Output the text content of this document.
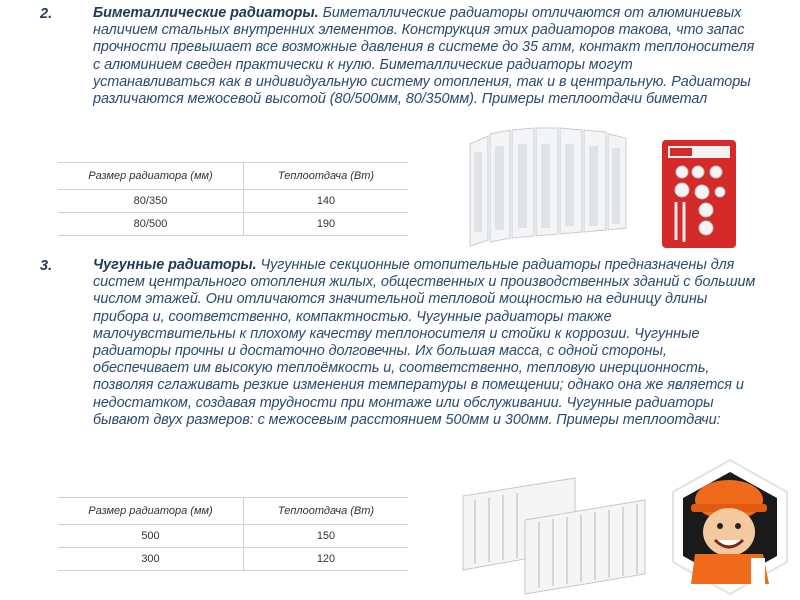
2.	Биметаллические радиаторы. Биметаллические радиаторы отличаются от алюминиевых наличием стальных внутренних элементов. Конструкция этих радиаторов такова, что запас прочности превышает все возможные давления в системе до 35 атм, контакт теплоносителя с алюминием сведен практически к нулю. Биметаллические радиаторы могут устанавливаться как в индивидуальную систему отопления, так и в центральную. Радиаторы различаются межосевой высотой (80/500мм, 80/350мм). Примеры теплоотдачи биметал

Размер радиатора (мм)	Теплоотдача (Вт)
80/350	140
80/500	190
3.	Чугунные радиаторы. Чугунные секционные отопительные радиаторы предназначены для систем центрального отопления жилых, общественных и производственных зданий с большим числом этажей. Они отличаются значительной тепловой мощностью на единицу длины прибора и, соответственно, компактностью. Чугунные радиаторы также малочувствительны к плохому качеству теплоносителя и стойки к коррозии. Чугунные радиаторы прочны и достаточно долговечны. Их большая масса, с одной стороны, обеспечивает им высокую теплоёмкость и, соответственно, тепловую инерционность, позволяя сглаживать резкие изменения температуры в помещении; однако она же является и недостатком, создавая трудности при монтаже или обслуживании. Чугунные радиаторы бывают двух размеров: с межосевым расстоянием 500мм и 300мм. Примеры теплоотдачи:

Размер радиатора (мм)	Теплоотдача (Вт)
500	150
300	120
